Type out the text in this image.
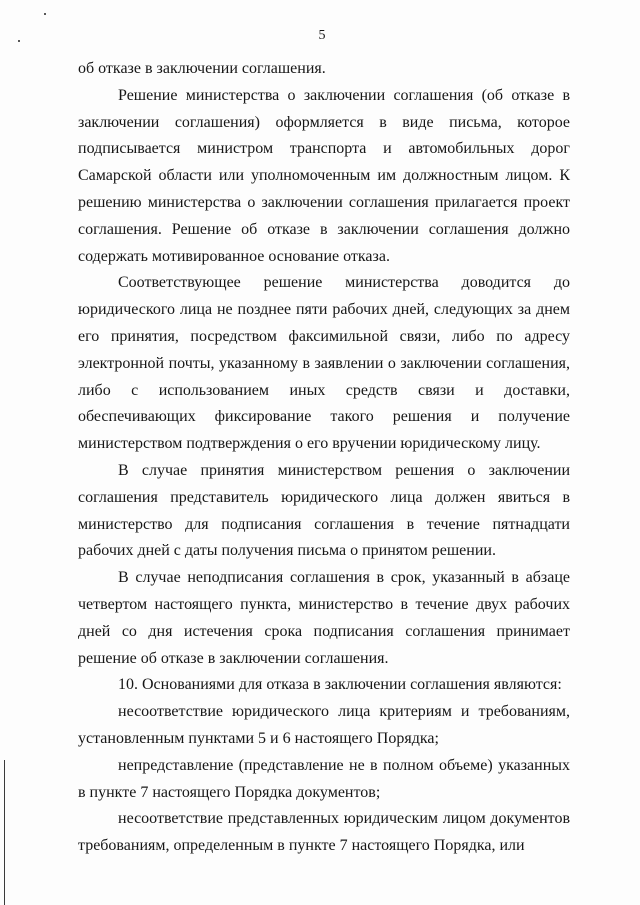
5

об отказе в заключении соглашения.

Решение министерства о заключении соглашения (об отказе в заключении соглашения) оформляется в виде письма, которое подписывается министром транспорта и автомобильных дорог Самарской области или уполномоченным им должностным лицом. К решению министерства о заключении соглашения прилагается проект соглашения. Решение об отказе в заключении соглашения должно содержать мотивированное основание отказа.

Соответствующее решение министерства доводится до юридического лица не позднее пяти рабочих дней, следующих за днем его принятия, посредством факсимильной связи, либо по адресу электронной почты, указанному в заявлении о заключении соглашения, либо с использованием иных средств связи и доставки, обеспечивающих фиксирование такого решения и получение министерством подтверждения о его вручении юридическому лицу.

В случае принятия министерством решения о заключении соглашения представитель юридического лица должен явиться в министерство для подписания соглашения в течение пятнадцати рабочих дней с даты получения письма о принятом решении.

В случае неподписания соглашения в срок, указанный в абзаце четвертом настоящего пункта, министерство в течение двух рабочих дней со дня истечения срока подписания соглашения принимает решение об отказе в заключении соглашения.

10. Основаниями для отказа в заключении соглашения являются:

несоответствие юридического лица критериям и требованиям, установленным пунктами 5 и 6 настоящего Порядка;

непредставление (представление не в полном объеме) указанных в пункте 7 настоящего Порядка документов;

несоответствие представленных юридическим лицом документов требованиям, определенным в пункте 7 настоящего Порядка, или
